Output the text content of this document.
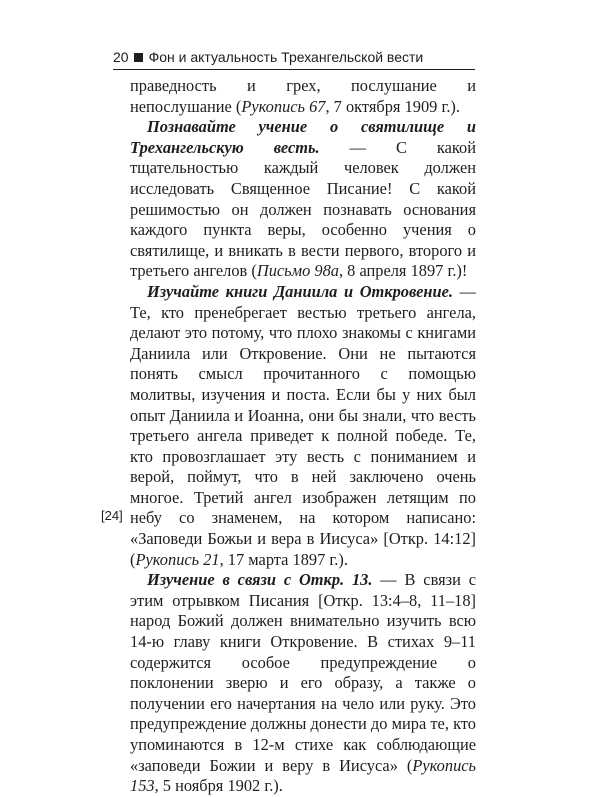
20 Фон и актуальность Трехангельской вести
[24]

праведность и грех, послушание и непослушание (Рукопись 67, 7 октября 1909 г.).

Познавайте учение о святилище и Трехангельскую весть. — С какой тщательностью каждый человек должен исследовать Священное Писание! С какой решимостью он должен познавать основания каждого пункта веры, особенно учения о святилище, и вникать в вести первого, второго и третьего ангелов (Письмо 98а, 8 апреля 1897 г.)!

Изучайте книги Даниила и Откровение. — Те, кто пренебрегает вестью третьего ангела, делают это потому, что плохо знакомы с книгами Даниила или Откровение. Они не пытаются понять смысл прочитанного с помощью молитвы, изучения и поста. Если бы у них был опыт Даниила и Иоанна, они бы знали, что весть третьего ангела приведет к полной победе. Те, кто провозглашает эту весть с пониманием и верой, поймут, что в ней заключено очень многое. Третий ангел изображен летящим по небу со знаменем, на котором написано: «Заповеди Божьи и вера в Иисуса» [Откр. 14:12] (Рукопись 21, 17 марта 1897 г.).

Изучение в связи с Откр. 13. — В связи с этим отрывком Писания [Откр. 13:4–8, 11–18] народ Божий должен внимательно изучить всю 14-ю главу книги Откровение. В стихах 9–11 содержится особое предупреждение о поклонении зверю и его образу, а также о получении его начертания на чело или руку. Это предупреждение должны донести до мира те, кто упоминаются в 12-м стихе как соблюдающие «заповеди Божии и веру в Иисуса» (Рукопись 153, 5 ноября 1902 г.).
